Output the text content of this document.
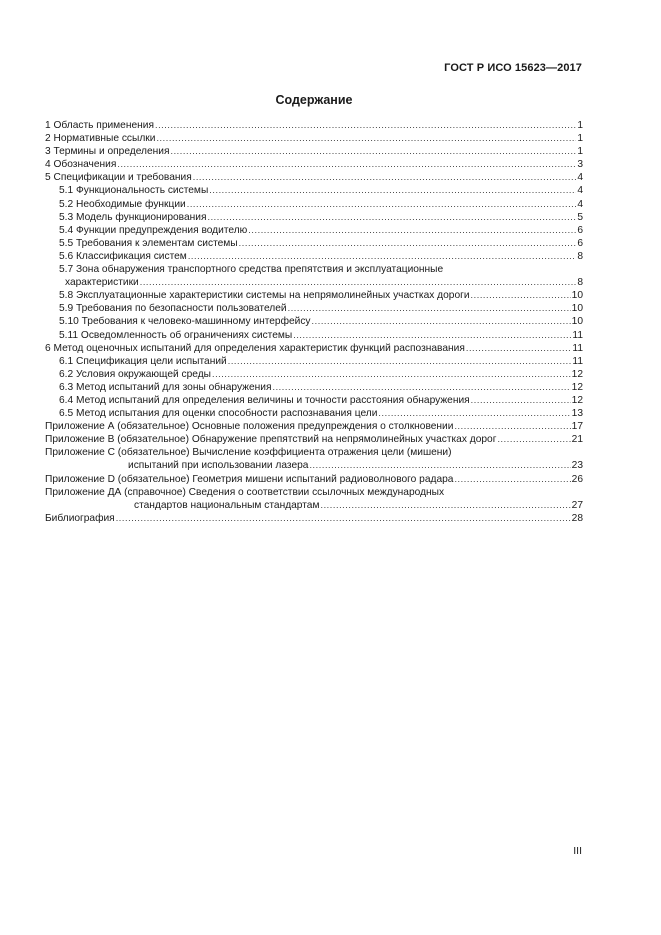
ГОСТ Р ИСО 15623—2017
Содержание
1 Область применения .....	1
2 Нормативные ссылки .....	1
3 Термины и определения .....	1
4 Обозначения .....	3
5 Спецификации и требования .....	4
5.1 Функциональность системы .....	4
5.2 Необходимые функции .....	4
5.3 Модель функционирования .....	5
5.4 Функции предупреждения водителю .....	6
5.5 Требования к элементам системы .....	6
5.6 Классификация систем .....	8
5.7 Зона обнаружения транспортного средства препятствия и эксплуатационные
характеристики .....	8
5.8 Эксплуатационные характеристики системы на непрямолинейных участках дороги .....	10
5.9 Требования по безопасности пользователей .....	10
5.10 Требования к человеко-машинному интерфейсу .....	10
5.11 Осведомленность об ограничениях системы .....	11
6 Метод оценочных испытаний для определения характеристик функций распознавания .....	11
6.1 Спецификация цели испытаний .....	11
6.2 Условия окружающей среды .....	12
6.3 Метод испытаний для зоны обнаружения .....	12
6.4 Метод испытаний для определения величины и точности расстояния обнаружения .....	12
6.5 Метод испытания для оценки способности распознавания цели .....	13
Приложение А (обязательное) Основные положения предупреждения о столкновении .....	17
Приложение В (обязательное) Обнаружение препятствий на непрямолинейных участках дорог .....	21
Приложение С (обязательное) Вычисление коэффициента отражения цели (мишени)
испытаний при использовании лазера .....	23
Приложение D (обязательное) Геометрия мишени испытаний радиоволнового радара .....	26
Приложение ДА (справочное) Сведения о соответствии ссылочных международных
стандартов национальным стандартам .....	27
Библиография .....	28
III
